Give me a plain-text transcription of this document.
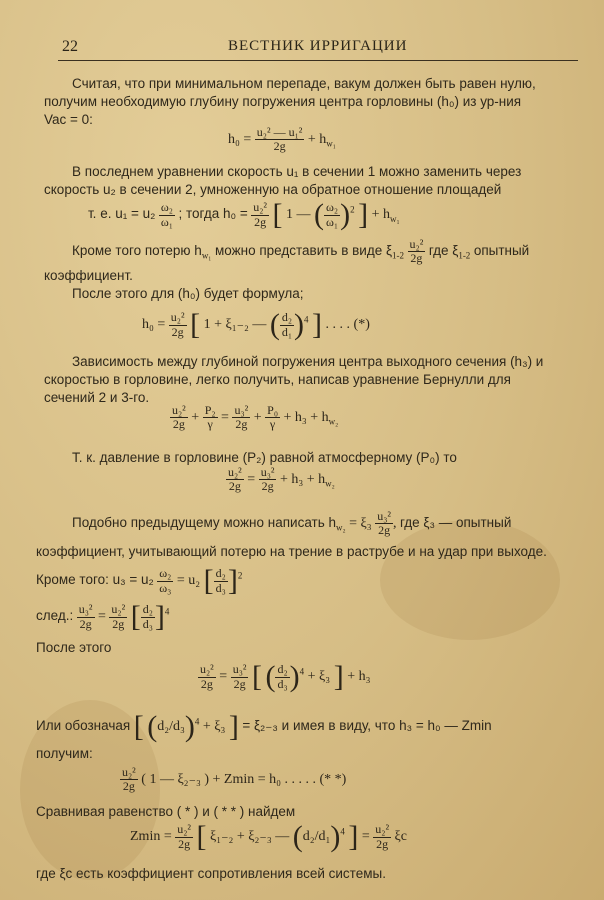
22	ВЕСТНИК ИРРИГАЦИИ
Считая, что при минимальном перепаде, вакум должен быть равен нулю,
получим необходимую глубину погружения центра горловины (h₀) из ур-ния
Vac = 0:
$h_0 = \frac{\text{u₂² — u₁²}}{2g} + h_{w_1}$
В последнем уравнении скорость u₁ в сечении 1 можно заменить через
скорость u₂ в сечении 2, умноженную на обратное отношение площадей
т. е. $u_1 = u_2 \frac{\text{ω₂}}{\text{ω₁}}$ ; тогда $h_0 = \frac{\text{u₂²}}{2g}$ [ 1 — ( $\frac{\text{ω₂}}{\text{ω₁}} )^2$ ] + $h_{w_1}$
Кроме того потерю $h_{w_1}$ можно представить в виде $\xi_{1-2} \frac{\text{u₂²}}{2g}$ где $\xi_{1-2}$ опытный
коэффициент.
После этого для (h₀) будет формула;
$h_0 = \frac{\text{u₂²}}{2g}$ [ 1 + ξ₁₋₂ — ( $\frac{\text{d₂}}{\text{d₁}} )^4$ ] . . . . (*)
Зависимость между глубиной погружения центра выходного сечения (h₃) и
скоростью в горловине, легко получить, написав уравнение Бернулли для
сечений 2 и 3-го.
$\frac{\text{u₂²}}{2g} + \frac{\text{P₂}}{\gamma} = \frac{\text{u₃²}}{2g} + \frac{\text{P₀}}{\gamma} + h_3 + h_{w_2}$
Т. к. давление в горловине (P₂) равной атмосферному (P₀) то
$\frac{\text{u₂²}}{2g} = \frac{\text{u₃²}}{2g} + h_3 + h_{w_2}$
Подобно предыдущему можно написать $h_{w_2} = \xi_3 \frac{\text{u₃²}}{2g}$ , где ξ₃ — опытный
коэффициент, учитывающий потерю на трение в раструбе и на удар при выходе.
Кроме того: $u_3 = u_2 \frac{\text{ω₂}}{\text{ω₃}} = u_2$ [ $\frac{\text{d₂}}{\text{d₃}} ]^2$
след.: $\frac{\text{u₃²}}{2g} = \frac{\text{u₂²}}{2g}$ [ $\frac{\text{d₂}}{\text{d₃}} ]^4$
После этого
$\frac{\text{u₂²}}{2g} = \frac{\text{u₃²}}{2g}$ [ ( $\frac{\text{d₂}}{\text{d₃}} )^4 + \xi_3$ ] + h₃
Или обозначая [ $(d_2/d_3)^4 + \xi_3$ ] = ξ₂₋₃ и имея в виду, что h₃ = h₀ — Zmin
получим:
$\frac{\text{u₂²}}{2g}$ ( 1 — ξ₂₋₃ ) + Zmin = h₀ . . . . . (* *)
Сравнивая равенство ( * ) и ( * * ) найдем
$Zmin = \frac{\text{u₂²}}{2g}$ [ ξ₁₋₂ + ξ₂₋₃ — $(d_2/d_1)^4$ ] = $\frac{\text{u₂²}}{2g}$ ξc
где ξc есть коэффициент сопротивления всей системы.
